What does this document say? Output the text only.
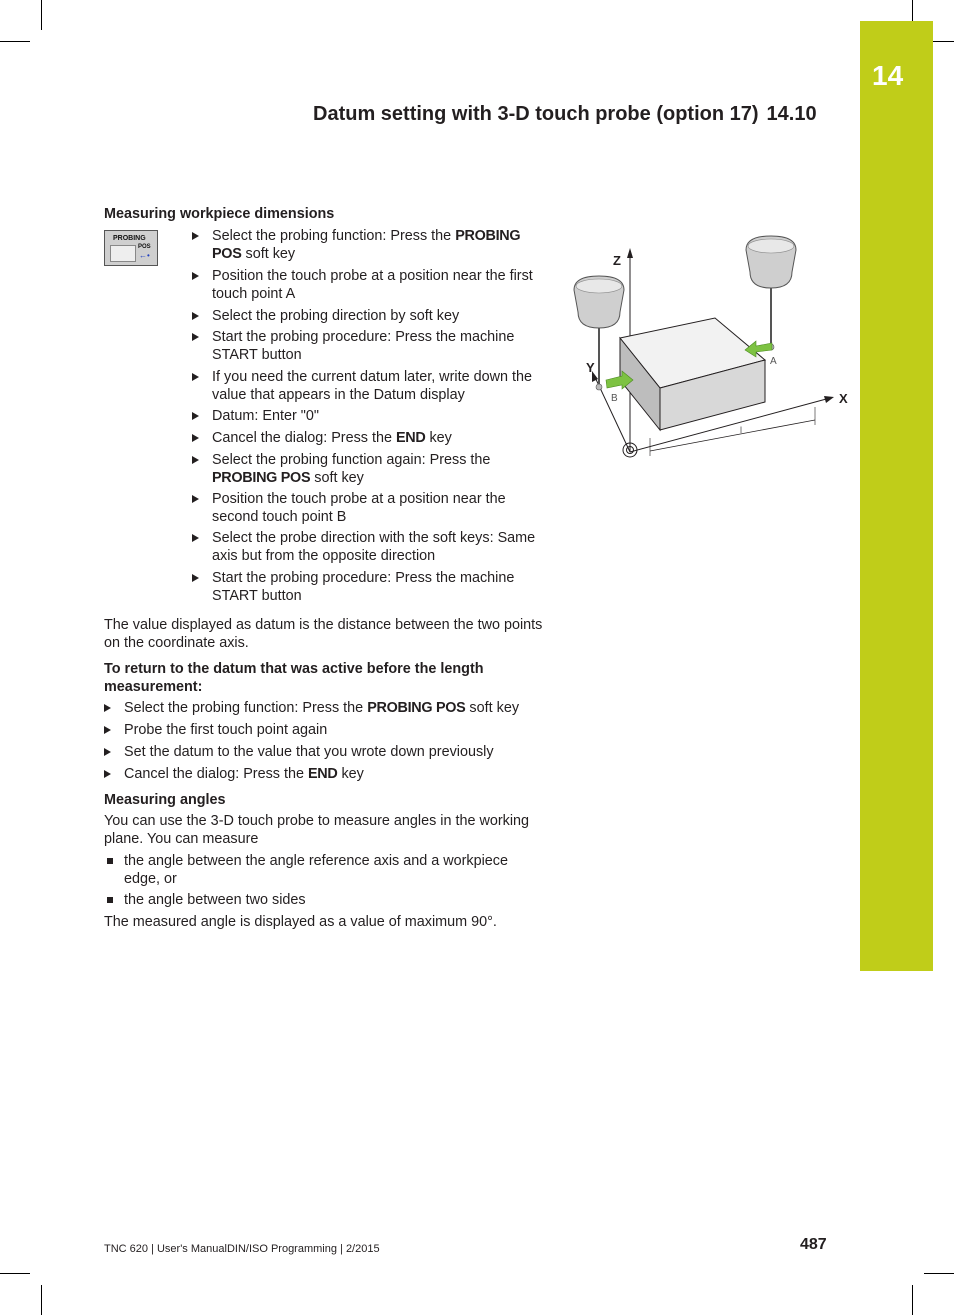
14
Datum setting with 3-D touch probe (option 17) 14.10
Measuring workpiece dimensions
PROBING
POS
←•
Select the probing function: Press the PROBING POS soft key
Position the touch probe at a position near the first touch point A
Select the probing direction by soft key
Start the probing procedure: Press the machine START button
If you need the current datum later, write down the value that appears in the Datum display
Datum: Enter "0"
Cancel the dialog: Press the END key
Select the probing function again: Press the PROBING POS soft key
Position the touch probe at a position near the second touch point B
Select the probe direction with the soft keys: Same axis but from the opposite direction
Start the probing procedure: Press the machine START button
The value displayed as datum is the distance between the two points on the coordinate axis.
To return to the datum that was active before the length measurement:
Select the probing function: Press the PROBING POS soft key
Probe the first touch point again
Set the datum to the value that you wrote down previously
Cancel the dialog: Press the END key
Measuring angles
You can use the 3-D touch probe to measure angles in the working plane. You can measure
the angle between the angle reference axis and a workpiece edge, or
the angle between two sides
The measured angle is displayed as a value of maximum 90°.
l
Z
Y
X
A
B
TNC 620 | User's ManualDIN/ISO Programming | 2/2015	487
